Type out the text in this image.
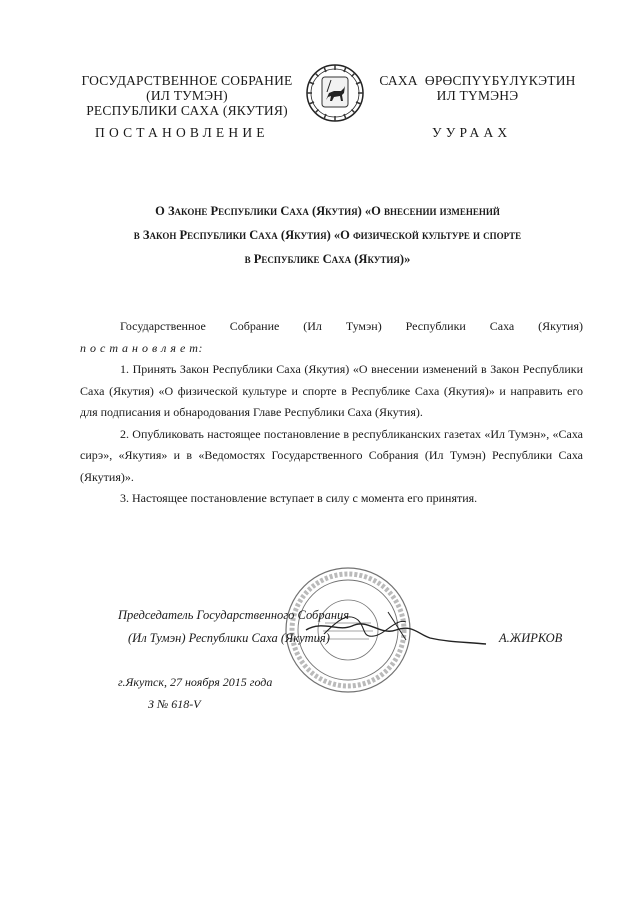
ГОСУДАРСТВЕННОЕ СОБРАНИЕ
(ИЛ ТУМЭН)
РЕСПУБЛИКИ САХА (ЯКУТИЯ)
ПОСТАНОВЛЕНИЕ
САХА  ӨРӨСПҮҮБҮЛҮКЭТИН
ИЛ ТҮМЭНЭ
УУРААХ
О Законе Республики Саха (Якутия) «О внесении изменений
в Закон Республики Саха (Якутия) «О физической культуре и спорте
в Республике Саха (Якутия)»

Государственное Собрание (Ил Тумэн) Республики Саха (Якутия)

п о с т а н о в л я е т:

1. Принять Закон Республики Саха (Якутия) «О внесении изменений в Закон Республики Саха (Якутия) «О физической культуре и спорте в Республике Саха (Якутия)» и направить его для подписания и обнародования Главе Республики Саха (Якутия).

2. Опубликовать настоящее постановление в республиканских газетах «Ил Тумэн», «Саха сирэ», «Якутия» и в «Ведомостях Государственного Собрания (Ил Тумэн) Республики Саха (Якутия)».

3. Настоящее постановление вступает в силу с момента его принятия.

Председатель Государственного Собрания
(Ил Тумэн) Республики Саха (Якутия)	А.ЖИРКОВ
г.Якутск, 27 ноября 2015 года
З № 618-V
